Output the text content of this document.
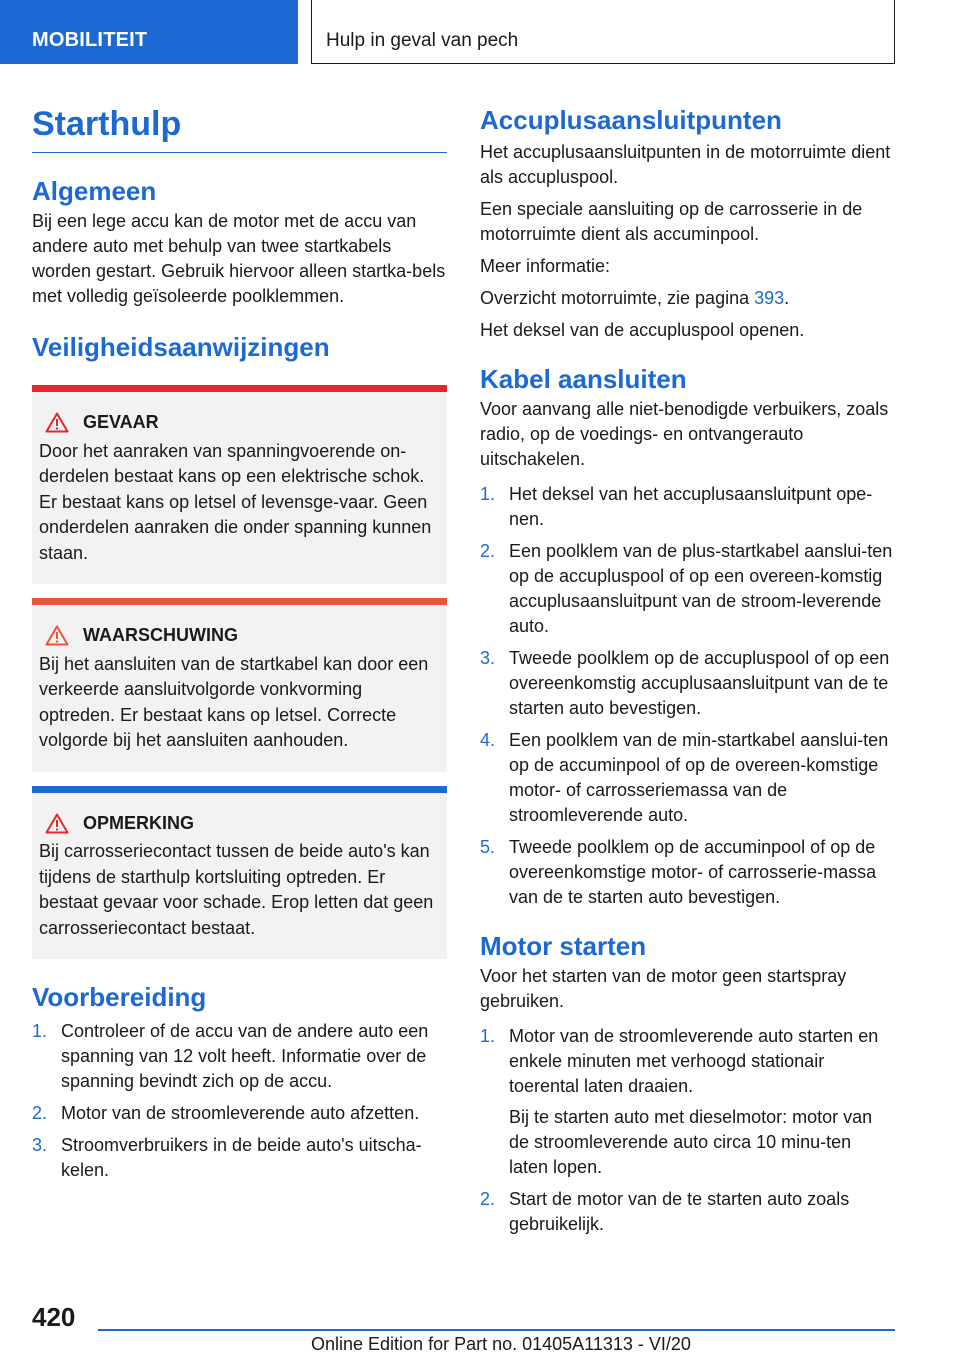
MOBILITEIT	Hulp in geval van pech
Starthulp
Algemeen

Bij een lege accu kan de motor met de accu van andere auto met behulp van twee startkabels worden gestart. Gebruik hiervoor alleen startka‐bels met volledig geïsoleerde poolklemmen.

Veiligheidsaanwijzingen
GEVAAR
Door het aanraken van spanningvoerende on‐derdelen bestaat kans op een elektrische schok. Er bestaat kans op letsel of levensge‐vaar. Geen onderdelen aanraken die onder spanning kunnen staan.
WAARSCHUWING
Bij het aansluiten van de startkabel kan door een verkeerde aansluitvolgorde vonkvorming optreden. Er bestaat kans op letsel. Correcte volgorde bij het aansluiten aanhouden.
OPMERKING
Bij carrosseriecontact tussen de beide auto's kan tijdens de starthulp kortsluiting optreden. Er bestaat gevaar voor schade. Erop letten dat geen carrosseriecontact bestaat.
Voorbereiding
1. Controleer of de accu van de andere auto een spanning van 12 volt heeft. Informatie over de spanning bevindt zich op de accu.
2. Motor van de stroomleverende auto afzetten.
3. Stroomverbruikers in de beide auto's uitscha‐kelen.
Accuplusaansluitpunten

Het accuplusaansluitpunten in de motorruimte dient als accupluspool.

Een speciale aansluiting op de carrosserie in de motorruimte dient als accuminpool.

Meer informatie:

Overzicht motorruimte, zie pagina 393.

Het deksel van de accupluspool openen.

Kabel aansluiten

Voor aanvang alle niet-benodigde verbuikers, zoals radio, op de voedings- en ontvangerauto uitschakelen.

1. Het deksel van het accuplusaansluitpunt ope‐nen.
2. Een poolklem van de plus-startkabel aanslui‐ten op de accupluspool of op een overeen‐komstig accuplusaansluitpunt van de stroom‐leverende auto.
3. Tweede poolklem op de accupluspool of op een overeenkomstig accuplusaansluitpunt van de te starten auto bevestigen.
4. Een poolklem van de min-startkabel aanslui‐ten op de accuminpool of op de overeen‐komstige motor- of carrosseriemassa van de stroomleverende auto.
5. Tweede poolklem op de accuminpool of op de overeenkomstige motor- of carrosserie‐massa van de te starten auto bevestigen.
Motor starten

Voor het starten van de motor geen startspray gebruiken.

1. Motor van de stroomleverende auto starten en enkele minuten met verhoogd stationair toerental laten draaien.
Bij te starten auto met dieselmotor: motor van de stroomleverende auto circa 10 minu‐ten laten lopen.
2. Start de motor van de te starten auto zoals gebruikelijk.
420
Online Edition for Part no. 01405A11313 - VI/20
